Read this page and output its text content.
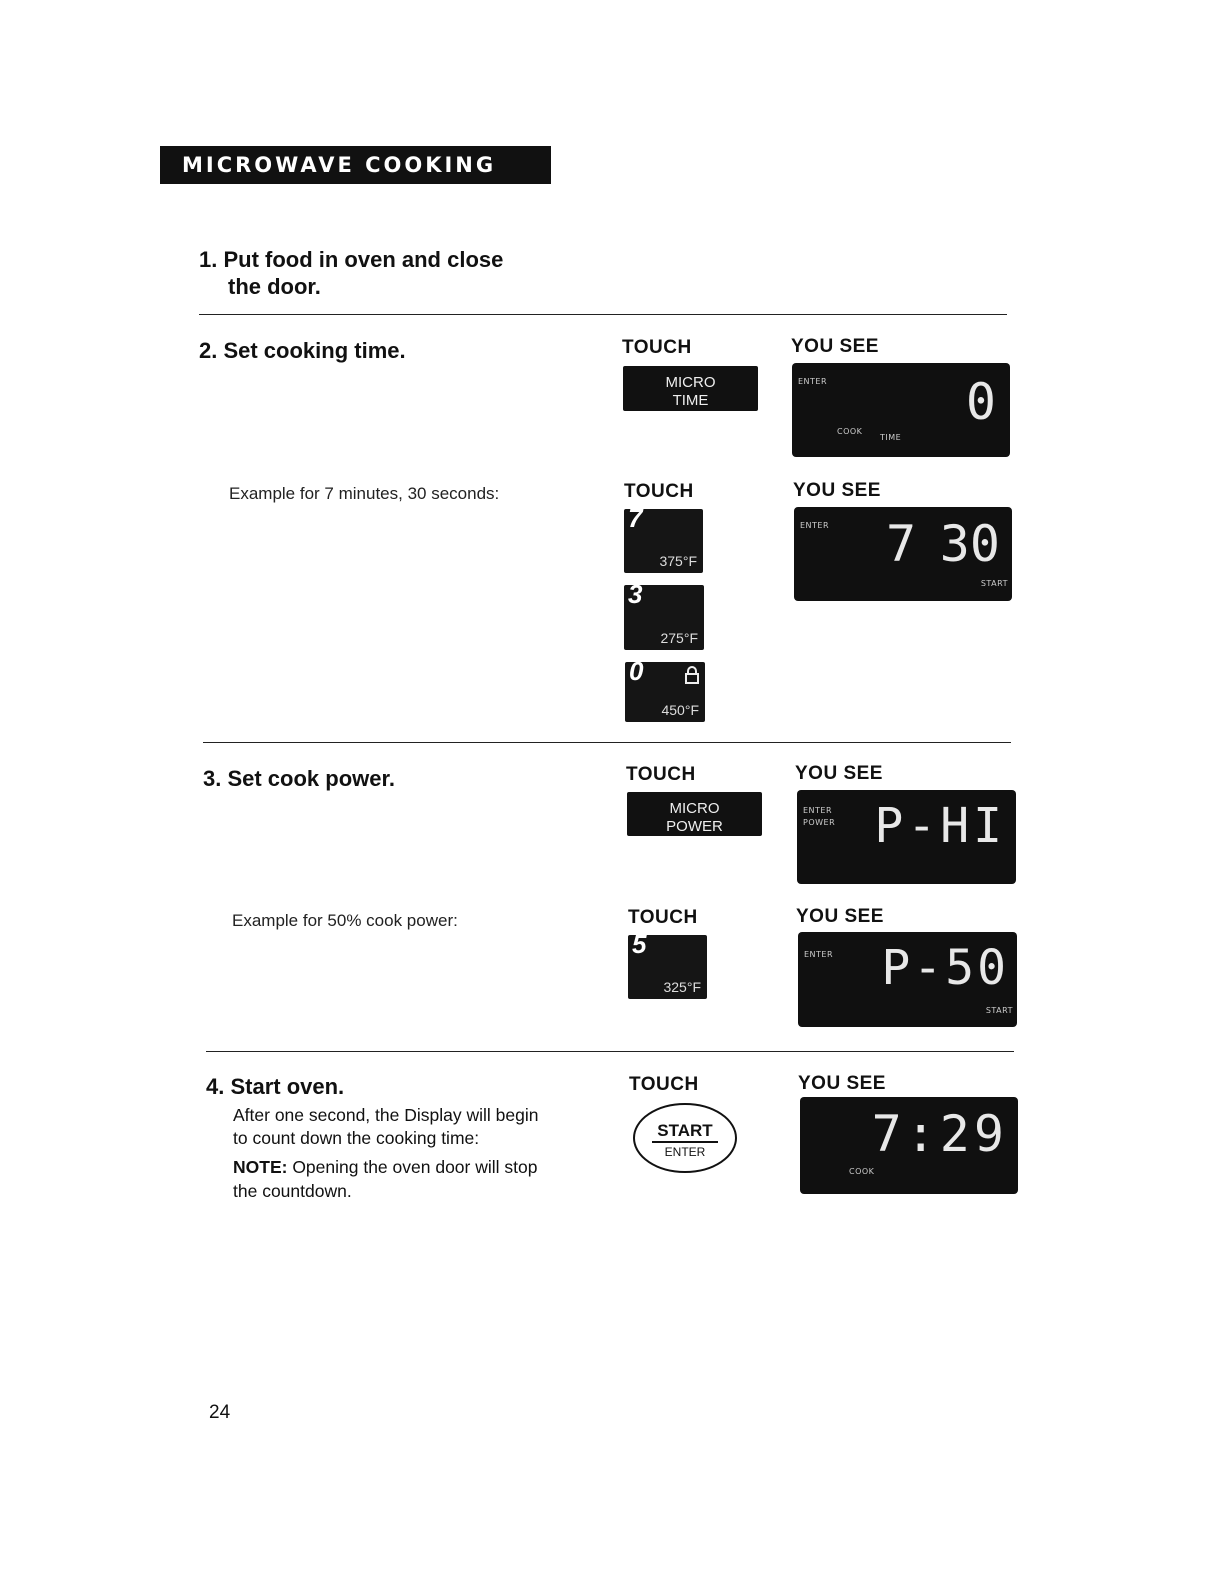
MICROWAVE COOKING
1. Put food in oven and close
the door.
2. Set cooking time.	TOUCH	YOU SEE
MICRO
TIME
ENTER
COOK
TIME
0
Example for 7 minutes, 30 seconds:	TOUCH	YOU SEE
7
375°F
3
275°F
0
450°F
ENTER 7 30
START
3. Set cook power.	TOUCH	YOU SEE
MICRO
POWER
ENTER
POWER P-HI
Example for 50% cook power:	TOUCH	YOU SEE
5
325°F
ENTER P-50
START
4. Start oven.
After one second, the Display will begin
to count down the cooking time:
NOTE: Opening the oven door will stop
the countdown.
TOUCH	YOU SEE
START
ENTER	7:29
COOK
24
